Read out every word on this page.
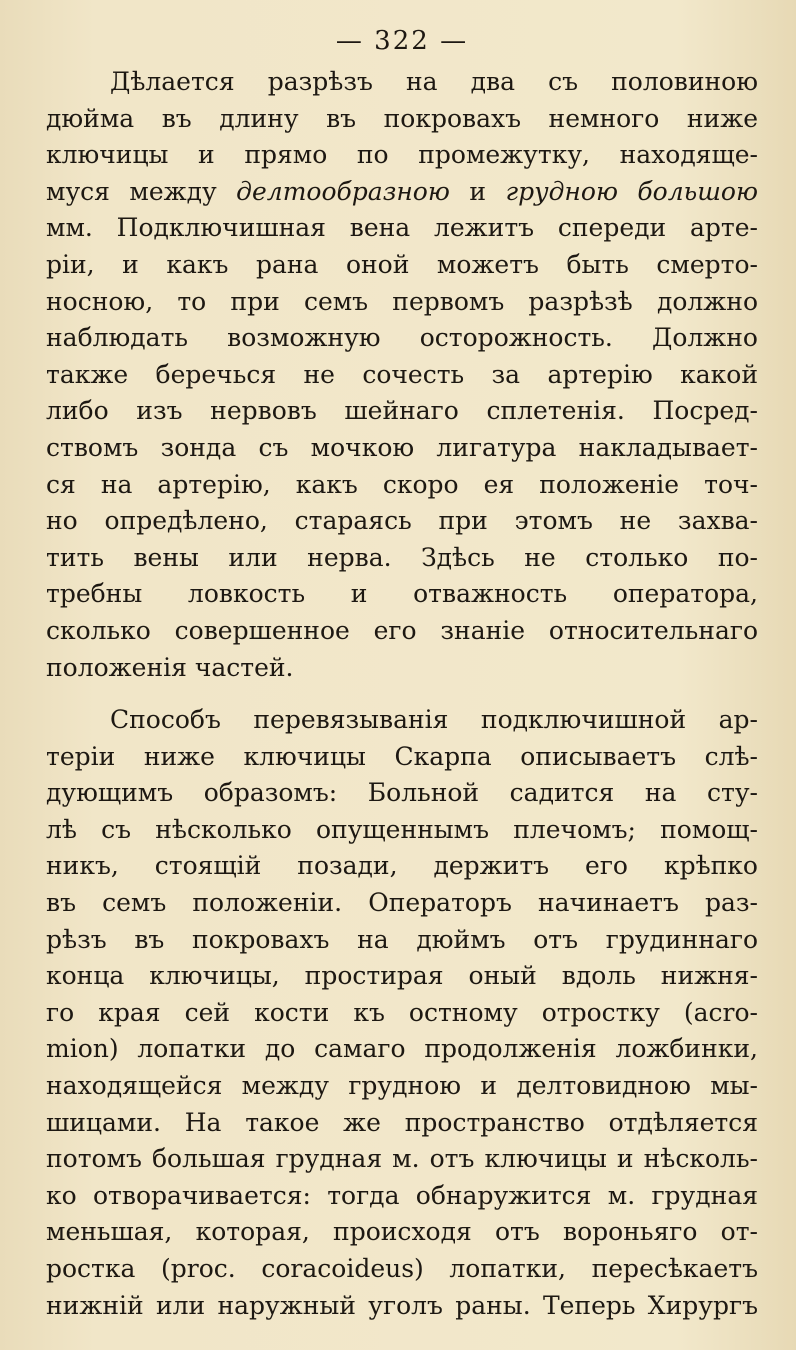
— 322 —
Дѣлается разрѣзъ на два съ половиною
дюйма въ длину въ покровахъ немного ниже
ключицы и прямо по промежутку, находяще-
муся между делтообразною и грудною большою
мм. Подключишная вена лежитъ спереди арте-
ріи, и какъ рана оной можетъ быть смертo-
носною, то при семъ первомъ разрѣзѣ должно
наблюдать возможную осторожность. Должно
также беречься не сочесть за артерію какой
либо изъ нервовъ шейнаго сплетенія. Посред-
ствомъ зонда съ мочкою лигатура накладывает-
ся на артерію, какъ скоро ея положеніе точ-
но опредѣлено, стараясь при этомъ не захва-
тить вены или нерва. Здѣсь не столько по-
требны ловкость и отважность оператора,
сколько совершенное его знаніе относительнаго
положенія частей.
Способъ перевязыванія подключишной ар-
теріи ниже ключицы Скарпа описываетъ слѣ-
дующимъ образомъ: Больной садится на сту-
лѣ съ нѣсколько опущеннымъ плечомъ; помощ-
никъ, стоящій позади, держитъ его крѣпко
въ семъ положеніи. Операторъ начинаетъ раз-
рѣзъ въ покровахъ на дюймъ отъ грудиннаго
конца ключицы, простирая оный вдоль нижня-
го края сей кости къ остному отростку (acro-
mion) лопатки до самаго продолженія ложбинки,
находящейся между грудною и делтовидною мы-
шицами. На такое же пространство отдѣляется
потомъ большая грудная м. отъ ключицы и нѣсколь-
ко отворачивается: тогда обнаружится м. грудная
меньшая, которая, происходя отъ вороньяго от-
ростка (proc. coracoideus) лопатки, пересѣкаетъ
нижній или наружный уголъ раны. Теперь Хирургъ
